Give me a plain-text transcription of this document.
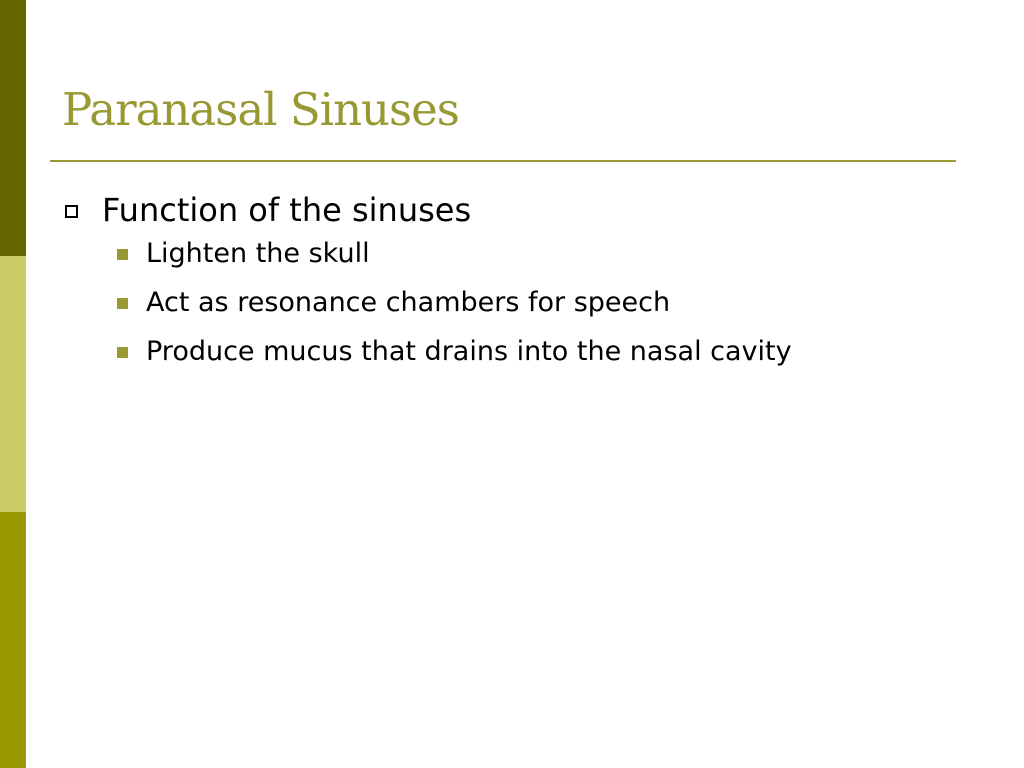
Paranasal Sinuses
Function of the sinuses
Lighten the skull
Act as resonance chambers for speech
Produce mucus that drains into the nasal cavity
